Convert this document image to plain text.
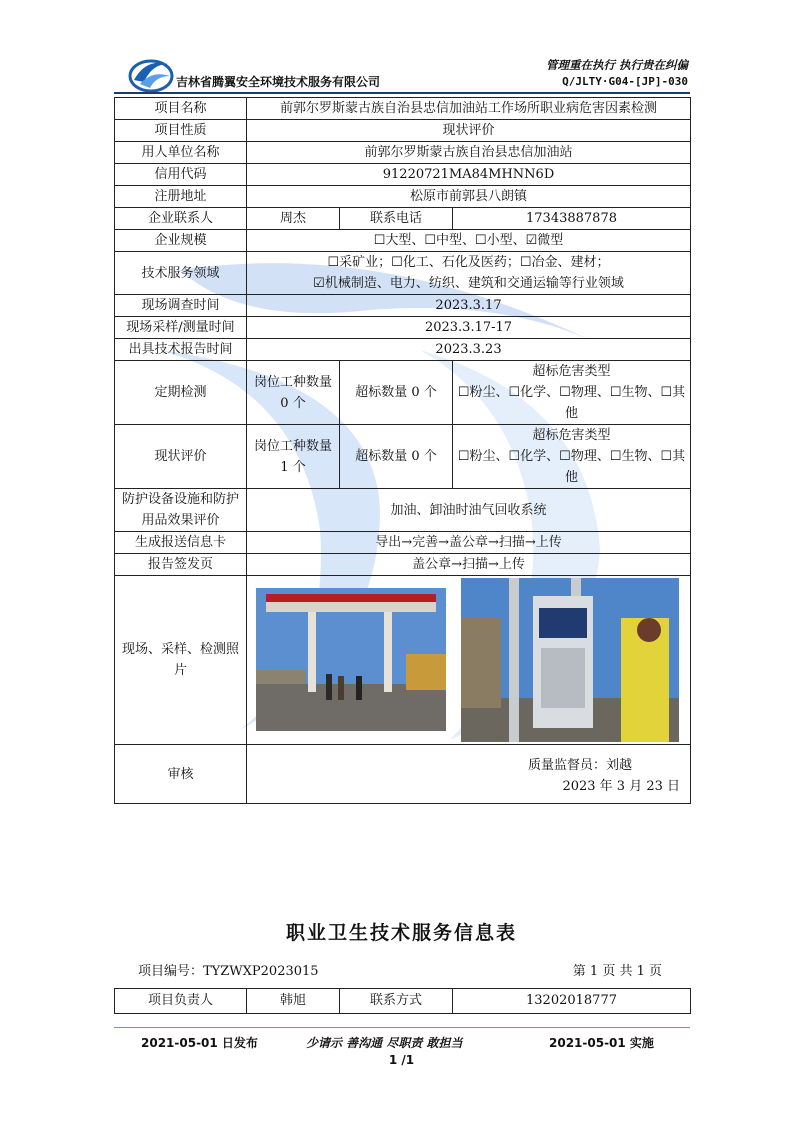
吉林省腾翼安全环境技术服务有限公司
管理重在执行 执行贵在纠偏
Q/JLTY·G04-[JP]-030
项目名称	前郭尔罗斯蒙古族自治县忠信加油站工作场所职业病危害因素检测		
项目性质	现状评价		
用人单位名称	前郭尔罗斯蒙古族自治县忠信加油站		
信用代码	91220721MA84MHNN6D		
注册地址	松原市前郭县八朗镇		
企业联系人	周杰	联系电话	17343887878
企业规模	☐大型、☐中型、☐小型、☑微型		
技术服务领域	☐采矿业；☐化工、石化及医药；☐冶金、建材；
☑机械制造、电力、纺织、建筑和交通运输等行业领域		

现场调查时间	2023.3.17		
现场采样/测量时间	2023.3.17-17		
出具技术报告时间	2023.3.23		
定期检测	岗位工种数量 0 个	超标数量 0 个	超标危害类型
☐粉尘、☐化学、☐物理、☐生物、☐其他

现状评价	岗位工种数量 1 个	超标数量 0 个	超标危害类型
☐粉尘、☐化学、☐物理、☐生物、☐其他

防护设备设施和防护用品效果评价	加油、卸油时油气回收系统		
生成报送信息卡	导出→完善→盖公章→扫描→上传		
报告签发页	盖公章→扫描→上传		
现场、采样、检测照片	

审核	质量监督员：刘越
2023 年 3 月 23 日		
职业卫生技术服务信息表
项目编号：TYZWXP2023015	第 1 页 共 1 页
项目负责人	韩旭	联系方式	13202018777
2021-05-01 日发布	少请示 善沟通 尽职责 敢担当	2021-05-01 实施
1 /1
